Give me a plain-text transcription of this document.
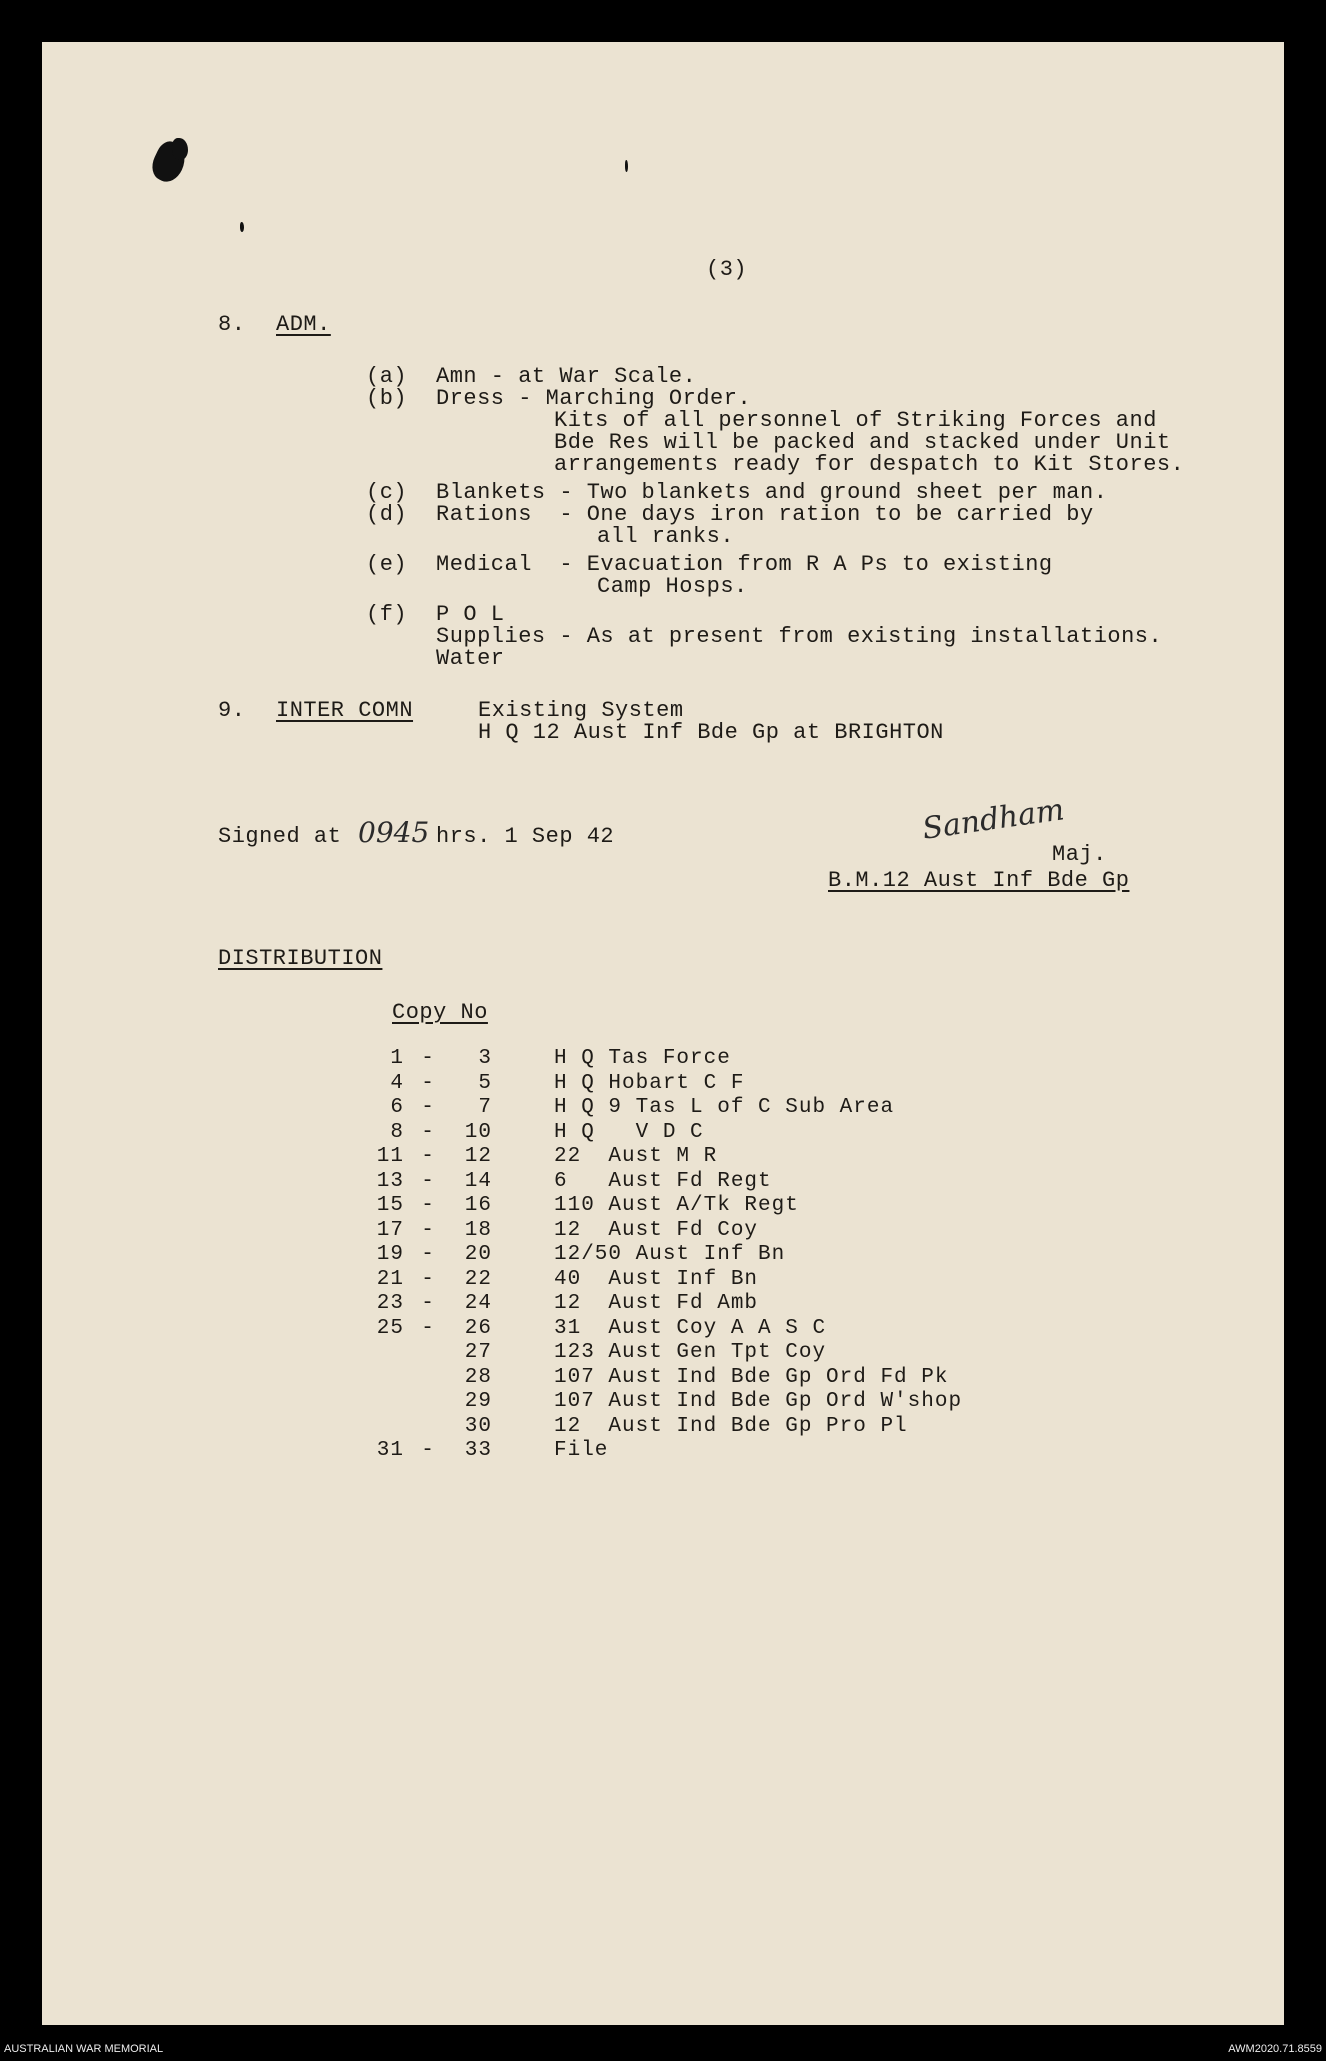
(3)
8. ADM.
(a) Amn - at War Scale.
(b) Dress - Marching Order.
Kits of all personnel of Striking Forces and
Bde Res will be packed and stacked under Unit
arrangements ready for despatch to Kit Stores.
(c) Blankets - Two blankets and ground sheet per man.
(d) Rations  - One days iron ration to be carried by
all ranks.
(e) Medical  - Evacuation from R A Ps to existing
Camp Hosps.
(f) P O L
Supplies - As at present from existing installations.
Water
9. INTER COMN	Existing System
H Q 12 Aust Inf Bde Gp at BRIGHTON
Signed at 0945 hrs. 1 Sep 42	Sandham
Maj.
B.M.12 Aust Inf Bde Gp
DISTRIBUTION
Copy No
1 -	3	H Q Tas Force
4 -	5	H Q Hobart C F
6 -	7	H Q 9 Tas L of C Sub Area
8 -	10	H Q   V D C
11 -	12	22  Aust M R
13 -	14	6   Aust Fd Regt
15 -	16	110 Aust A/Tk Regt
17 -	18	12  Aust Fd Coy
19 -	20	12/50 Aust Inf Bn
21 -	22	40  Aust Inf Bn
23 -	24	12  Aust Fd Amb
25 -	26	31  Aust Coy A A S C
27	123 Aust Gen Tpt Coy
28	107 Aust Ind Bde Gp Ord Fd Pk
29	107 Aust Ind Bde Gp Ord W'shop
30	12  Aust Ind Bde Gp Pro Pl
31 -	33	File
AUSTRALIAN WAR MEMORIAL	AWM2020.71.8559
